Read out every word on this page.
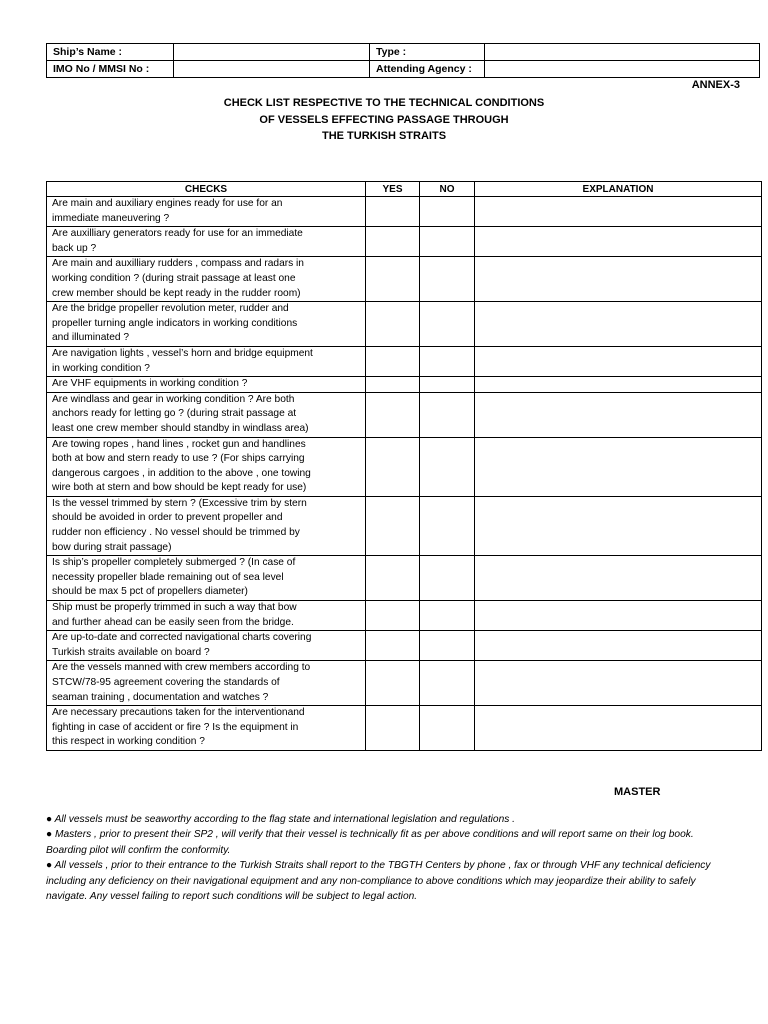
Ship’s Name :		Type :	
IMO No / MMSI No :		Attending Agency :	
ANNEX-3
CHECK LIST RESPECTIVE TO THE TECHNICAL CONDITIONS
OF VESSELS EFFECTING PASSAGE THROUGH
THE TURKISH STRAITS
CHECKS	YES	NO	EXPLANATION

Are main and auxiliary engines ready for use for an
immediate maneuvering ?			

Are auxilliary generators ready for use for an immediate
back up ?			

Are main and auxilliary rudders , compass and radars in
working condition ? (during strait passage at least one
crew member should be kept ready in the rudder room)			

Are the bridge propeller revolution meter, rudder and
propeller turning angle indicators in working conditions
and illuminated ?			

Are navigation lights , vessel’s horn and bridge equipment
in working condition ?			

Are VHF equipments in working condition ?			

Are windlass and gear in working condition ? Are both
anchors ready for letting go ? (during strait passage at
least one crew member should standby in windlass area)			

Are towing ropes , hand lines , rocket gun and handlines
both at bow and stern ready to use ? (For ships carrying
dangerous cargoes , in addition to the above , one towing
wire both at stern and bow should be kept ready for use)			

Is the vessel trimmed by stern ? (Excessive trim by stern
should be avoided in order to prevent propeller and
rudder non efficiency . No vessel should be trimmed by
bow during strait passage)			

Is ship’s propeller completely submerged ? (In case of
necessity propeller blade remaining out of sea level
should be max 5 pct of propellers diameter)			

Ship must be properly trimmed in such a way that bow
and further ahead can be easily seen from the bridge.			

Are up-to-date and corrected navigational charts covering
Turkish straits available on board ?			

Are the vessels manned with crew members according to
STCW/78-95 agreement covering the standards of
seaman training , documentation and watches ?			

Are necessary precautions taken for the interventionand
fighting in case of accident or fire ? Is the equipment in
this respect in working condition ?			

MASTER

● All vessels must be seaworthy according to the flag state and international legislation and regulations .

● Masters , prior to present their SP2 , will verify that their vessel is technically fit as per above conditions and will report same on their log book. Boarding pilot will confirm the conformity.

● All vessels , prior to their entrance to the Turkish Straits shall report to the TBGTH Centers by phone , fax or through VHF any technical deficiency including any deficiency on their navigational equipment and any non-compliance to above conditions which may jeopardize their ability to safely navigate. Any vessel failing to report such conditions will be subject to legal action.
